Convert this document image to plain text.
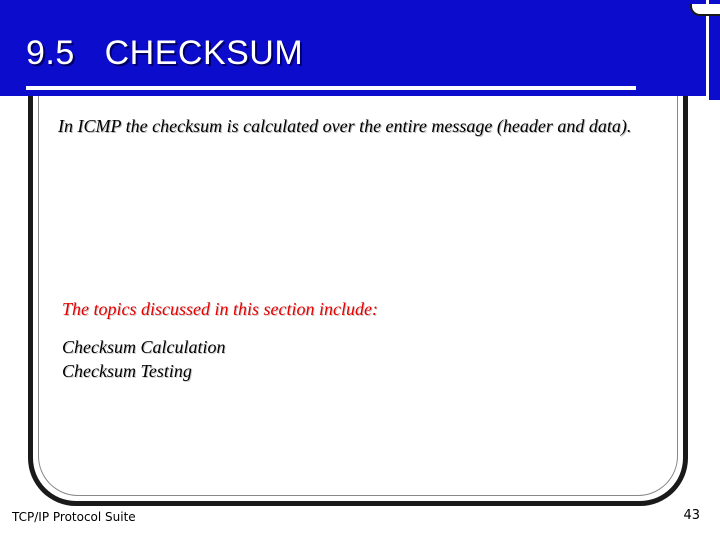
9.5   CHECKSUM

In ICMP the checksum is calculated over the entire message (header and data).

The topics discussed in this section include:

Checksum Calculation
Checksum Testing

TCP/IP Protocol Suite	43
